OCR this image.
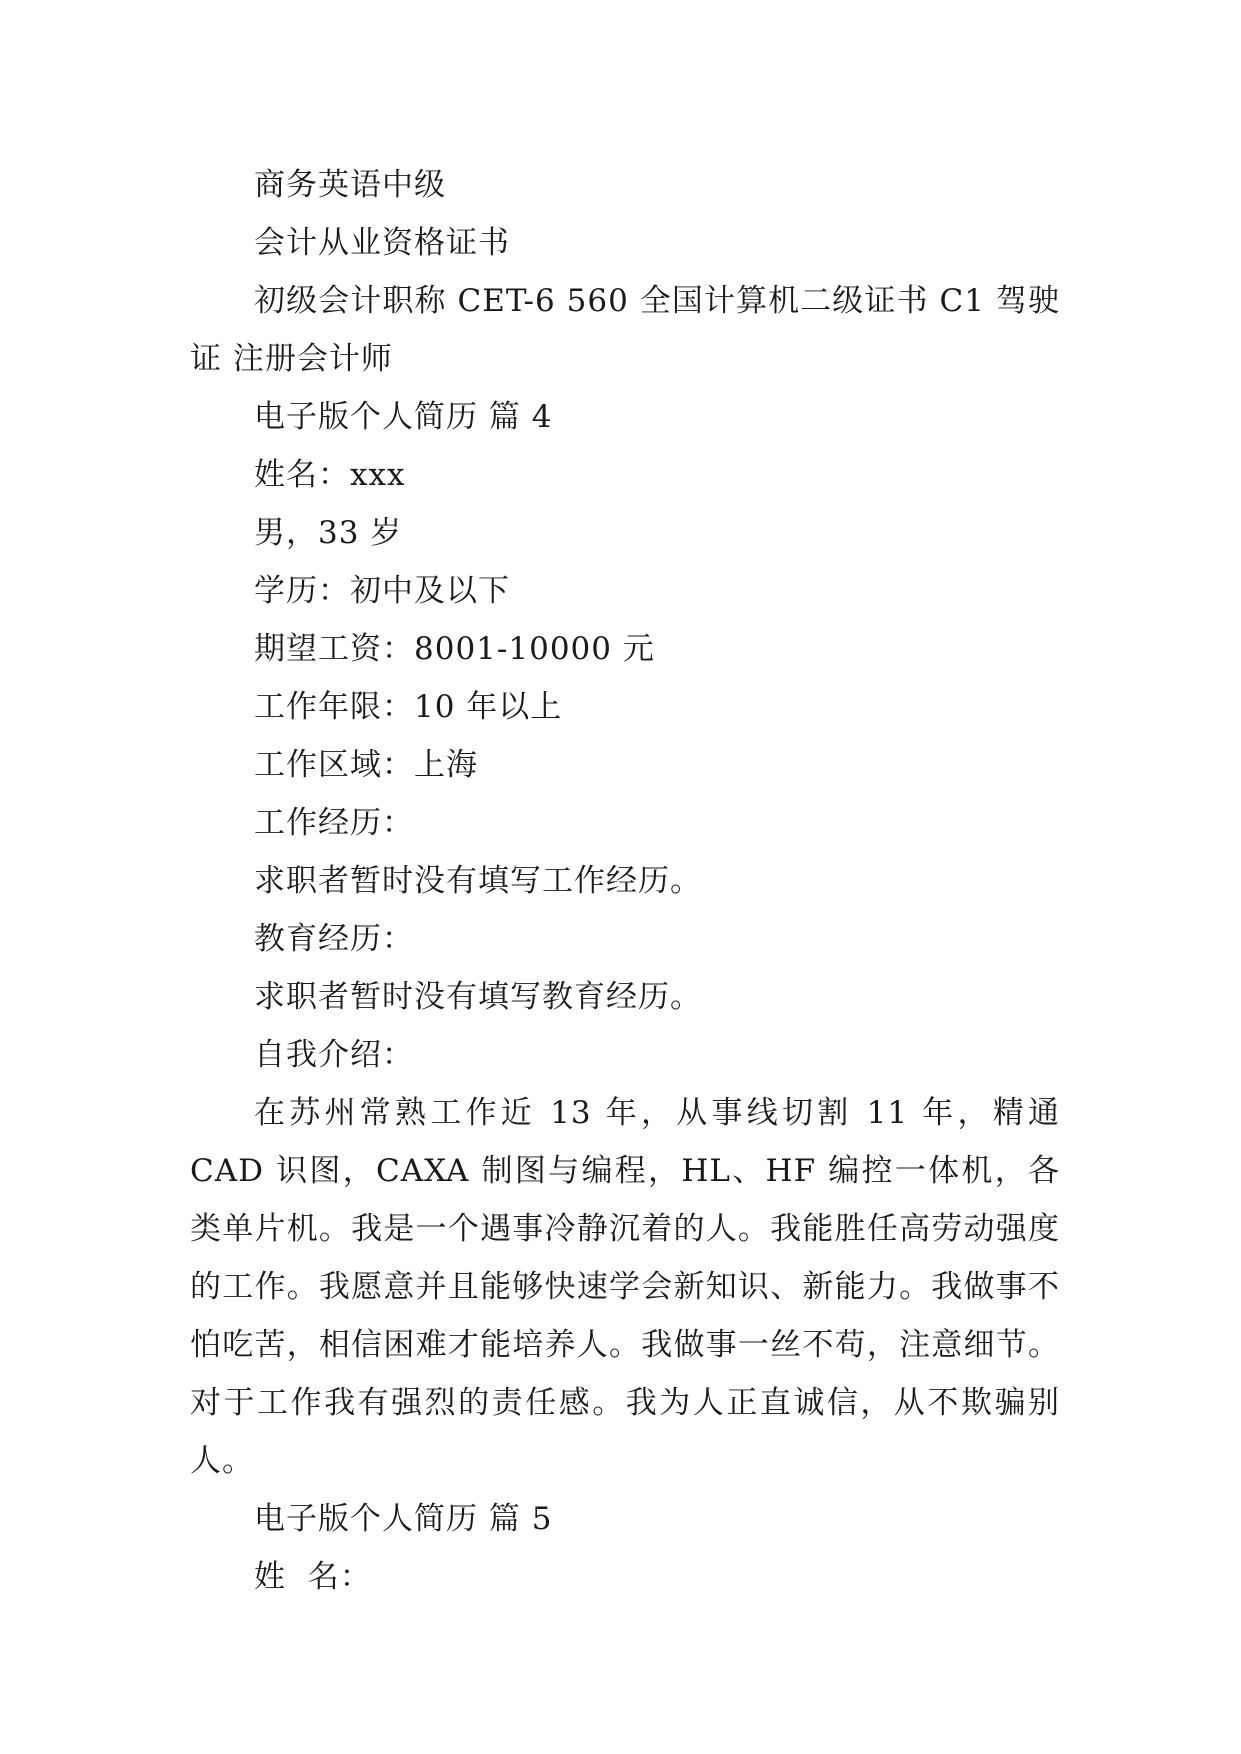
商务英语中级

会计从业资格证书

初级会计职称 CET-6 560 全国计算机二级证书 C1 驾驶证 注册会计师

电子版个人简历 篇 4

姓名：xxx

男，33 岁

学历：初中及以下

期望工资：8001-10000 元

工作年限：10 年以上

工作区域：上海

工作经历：

求职者暂时没有填写工作经历。

教育经历：

求职者暂时没有填写教育经历。

自我介绍：

在苏州常熟工作近 13 年，从事线切割 11 年，精通 CAD 识图，CAXA 制图与编程，HL、HF 编控一体机，各类单片机。我是一个遇事冷静沉着的人。我能胜任高劳动强度的工作。我愿意并且能够快速学会新知识、新能力。我做事不怕吃苦，相信困难才能培养人。我做事一丝不苟，注意细节。对于工作我有强烈的责任感。我为人正直诚信，从不欺骗别人。

电子版个人简历 篇 5

姓  名：
